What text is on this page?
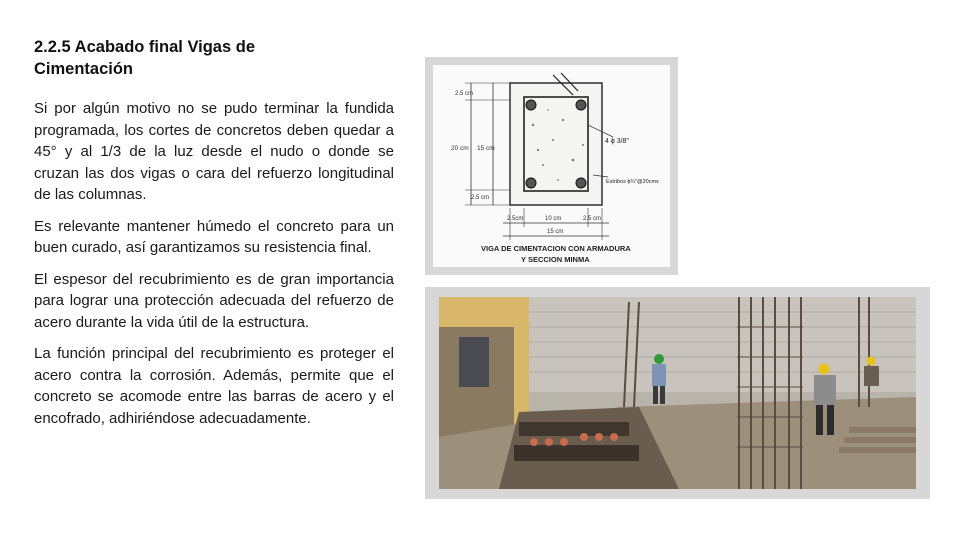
2.2.5 Acabado final Vigas de
Cimentación

Si por algún motivo no se pudo terminar la fundida programada, los cortes de concretos deben quedar a 45° y al 1/3 de la luz desde el nudo o donde se cruzan las dos vigas o cara del refuerzo longitudinal de las columnas.

Es relevante mantener húmedo el concreto para un buen curado, así garantizamos su resistencia final.

El espesor del recubrimiento es de gran importancia para lograr una protección adecuada del refuerzo de acero durante la vida útil de la estructura.

La función principal del recubrimiento es proteger el acero contra la corrosión. Además, permite que el concreto se acomode entre las barras de acero y el encofrado, adhiriéndose adecuadamente.

2.5 cm
20 cm 15 cm
2.5 cm
4 ϕ 3/8"
Estribos ϕ¼"@20cms
2.5cm	10 cm	2.5 cm
15 cm
VIGA DE CIMENTACION CON ARMADURA
Y SECCION MINMA
